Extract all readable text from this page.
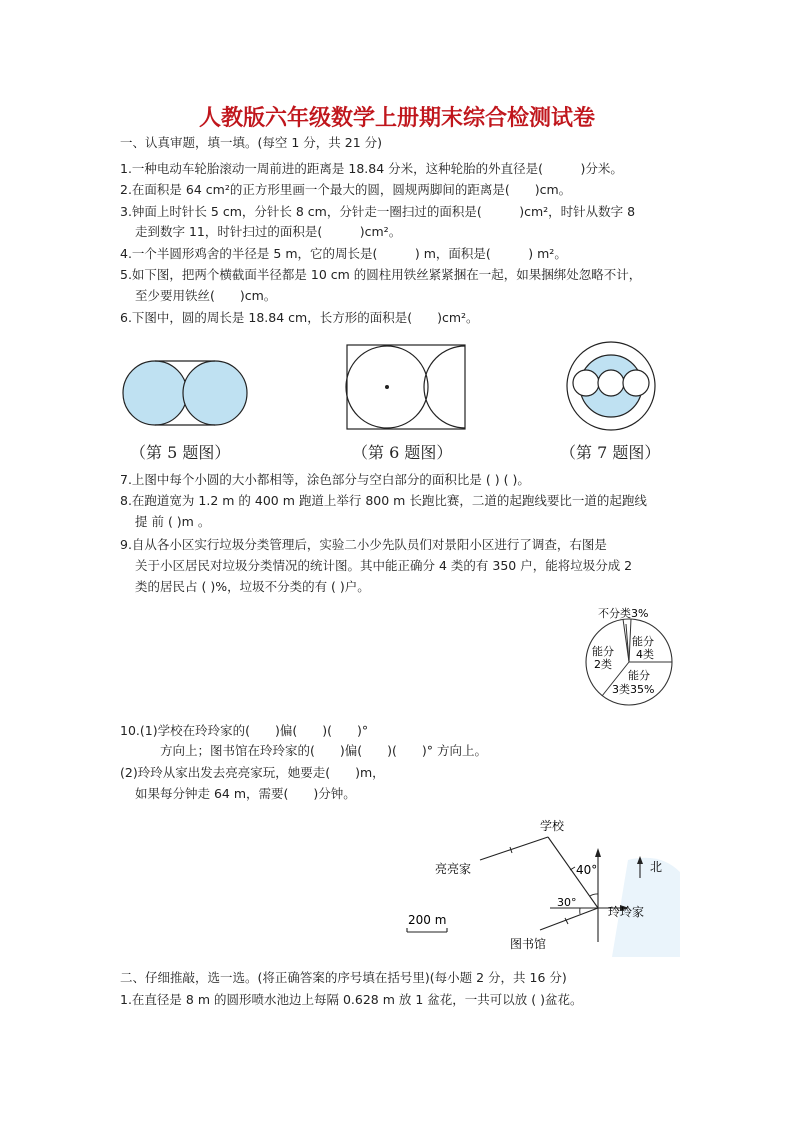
人教版六年级数学上册期末综合检测试卷
一、认真审题，填一填。(每空 1 分，共 21 分)
1.一种电动车轮胎滚动一周前进的距离是 18.84 分米，这种轮胎的外直径是(　　　)分米。
2.在面积是 64 cm²的正方形里画一个最大的圆，圆规两脚间的距离是(　　)cm。
3.钟面上时针长 5 cm，分针长 8 cm，分针走一圈扫过的面积是(　　　)cm²，时针从数字 8
走到数字 11，时针扫过的面积是(　　　)cm²。
4.一个半圆形鸡舍的半径是 5 m，它的周长是(　　　) m，面积是(　　　) m²。
5.如下图，把两个横截面半径都是 10 cm 的圆柱用铁丝紧紧捆在一起，如果捆绑处忽略不计，
至少要用铁丝(　　)cm。
6.下图中，圆的周长是 18.84 cm，长方形的面积是(　　)cm²。
（第 5 题图）	（第 6 题图）	（第 7 题图）
7.上图中每个小圆的大小都相等，涂色部分与空白部分的面积比是 ( ) ( )。
8.在跑道宽为 1.2 m 的 400 m 跑道上举行 800 m 长跑比赛，二道的起跑线要比一道的起跑线
提 前 ( )m 。
9.自从各小区实行垃圾分类管理后，实验二小少先队员们对景阳小区进行了调查，右图是
关于小区居民对垃圾分类情况的统计图。其中能正确分 4 类的有 350 户，能将垃圾分成 2
类的居民占 ( )%，垃圾不分类的有 ( )户。
不分类3%
能分
4类
能分
2类
能分
3类35%
10.(1)学校在玲玲家的(　　)偏(　　)(　　)°
方向上；图书馆在玲玲家的(　　)偏(　　)(　　)° 方向上。
(2)玲玲从家出发去亮亮家玩，她要走(　　)m，
如果每分钟走 64 m，需要(　　)分钟。
北
40°
30°
学校
亮亮家
玲玲家
图书馆
200 m
二、仔细推敲，选一选。(将正确答案的序号填在括号里)(每小题 2 分，共 16 分)
1.在直径是 8 m 的圆形喷水池边上每隔 0.628 m 放 1 盆花，一共可以放 ( )盆花。
